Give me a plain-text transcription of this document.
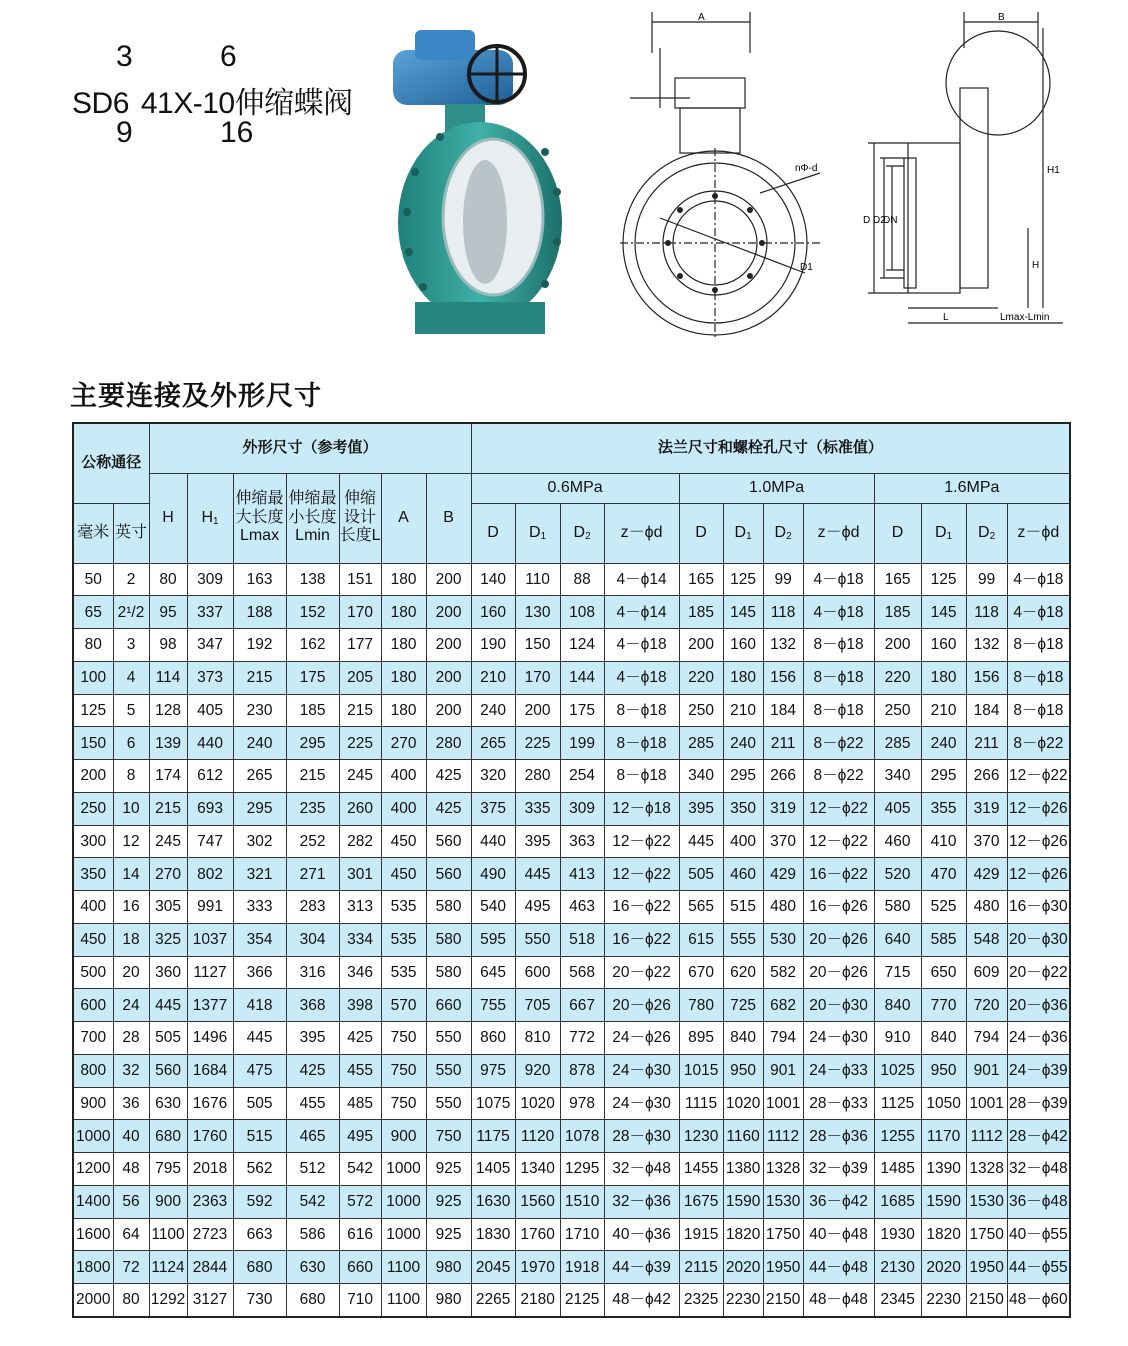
3	6
SD6 41X-10伸缩蝶阀
9	16
A
nΦ-d
D1
B
D D2
DN
H
H1
L	Lmax-Lmin
主要连接及外形尺寸
公称通径		外形尺寸（参考值）							法兰尺寸和螺栓孔尺寸（标准值）											
		H	$H_1$	伸缩最大长度Lmax	伸缩最小长度Lmin	伸缩设计长度L	A	B	0.6MPa				1.0MPa				1.6MPa			
毫米	英寸								D	$D_1$	$D_2$	z－ϕd	D	$D_1$	$D_2$	z－ϕd	D	$D_1$	$D_2$	z－ϕd
50	2	80	309	163	138	151	180	200	140	110	88	4－ϕ14	165	125	99	4－ϕ18	165	125	99	4－ϕ18
65	2¹/2	95	337	188	152	170	180	200	160	130	108	4－ϕ14	185	145	118	4－ϕ18	185	145	118	4－ϕ18
80	3	98	347	192	162	177	180	200	190	150	124	4－ϕ18	200	160	132	8－ϕ18	200	160	132	8－ϕ18
100	4	114	373	215	175	205	180	200	210	170	144	4－ϕ18	220	180	156	8－ϕ18	220	180	156	8－ϕ18
125	5	128	405	230	185	215	180	200	240	200	175	8－ϕ18	250	210	184	8－ϕ18	250	210	184	8－ϕ18
150	6	139	440	240	295	225	270	280	265	225	199	8－ϕ18	285	240	211	8－ϕ22	285	240	211	8－ϕ22
200	8	174	612	265	215	245	400	425	320	280	254	8－ϕ18	340	295	266	8－ϕ22	340	295	266	12－ϕ22
250	10	215	693	295	235	260	400	425	375	335	309	12－ϕ18	395	350	319	12－ϕ22	405	355	319	12－ϕ26
300	12	245	747	302	252	282	450	560	440	395	363	12－ϕ22	445	400	370	12－ϕ22	460	410	370	12－ϕ26
350	14	270	802	321	271	301	450	560	490	445	413	12－ϕ22	505	460	429	16－ϕ22	520	470	429	12－ϕ26
400	16	305	991	333	283	313	535	580	540	495	463	16－ϕ22	565	515	480	16－ϕ26	580	525	480	16－ϕ30
450	18	325	1037	354	304	334	535	580	595	550	518	16－ϕ22	615	555	530	20－ϕ26	640	585	548	20－ϕ30
500	20	360	1127	366	316	346	535	580	645	600	568	20－ϕ22	670	620	582	20－ϕ26	715	650	609	20－ϕ22
600	24	445	1377	418	368	398	570	660	755	705	667	20－ϕ26	780	725	682	20－ϕ30	840	770	720	20－ϕ36
700	28	505	1496	445	395	425	750	550	860	810	772	24－ϕ26	895	840	794	24－ϕ30	910	840	794	24－ϕ36
800	32	560	1684	475	425	455	750	550	975	920	878	24－ϕ30	1015	950	901	24－ϕ33	1025	950	901	24－ϕ39
900	36	630	1676	505	455	485	750	550	1075	1020	978	24－ϕ30	1115	1020	1001	28－ϕ33	1125	1050	1001	28－ϕ39
1000	40	680	1760	515	465	495	900	750	1175	1120	1078	28－ϕ30	1230	1160	1112	28－ϕ36	1255	1170	1112	28－ϕ42
1200	48	795	2018	562	512	542	1000	925	1405	1340	1295	32－ϕ48	1455	1380	1328	32－ϕ39	1485	1390	1328	32－ϕ48
1400	56	900	2363	592	542	572	1000	925	1630	1560	1510	32－ϕ36	1675	1590	1530	36－ϕ42	1685	1590	1530	36－ϕ48
1600	64	1100	2723	663	586	616	1000	925	1830	1760	1710	40－ϕ36	1915	1820	1750	40－ϕ48	1930	1820	1750	40－ϕ55
1800	72	1124	2844	680	630	660	1100	980	2045	1970	1918	44－ϕ39	2115	2020	1950	44－ϕ48	2130	2020	1950	44－ϕ55
2000	80	1292	3127	730	680	710	1100	980	2265	2180	2125	48－ϕ42	2325	2230	2150	48－ϕ48	2345	2230	2150	48－ϕ60
